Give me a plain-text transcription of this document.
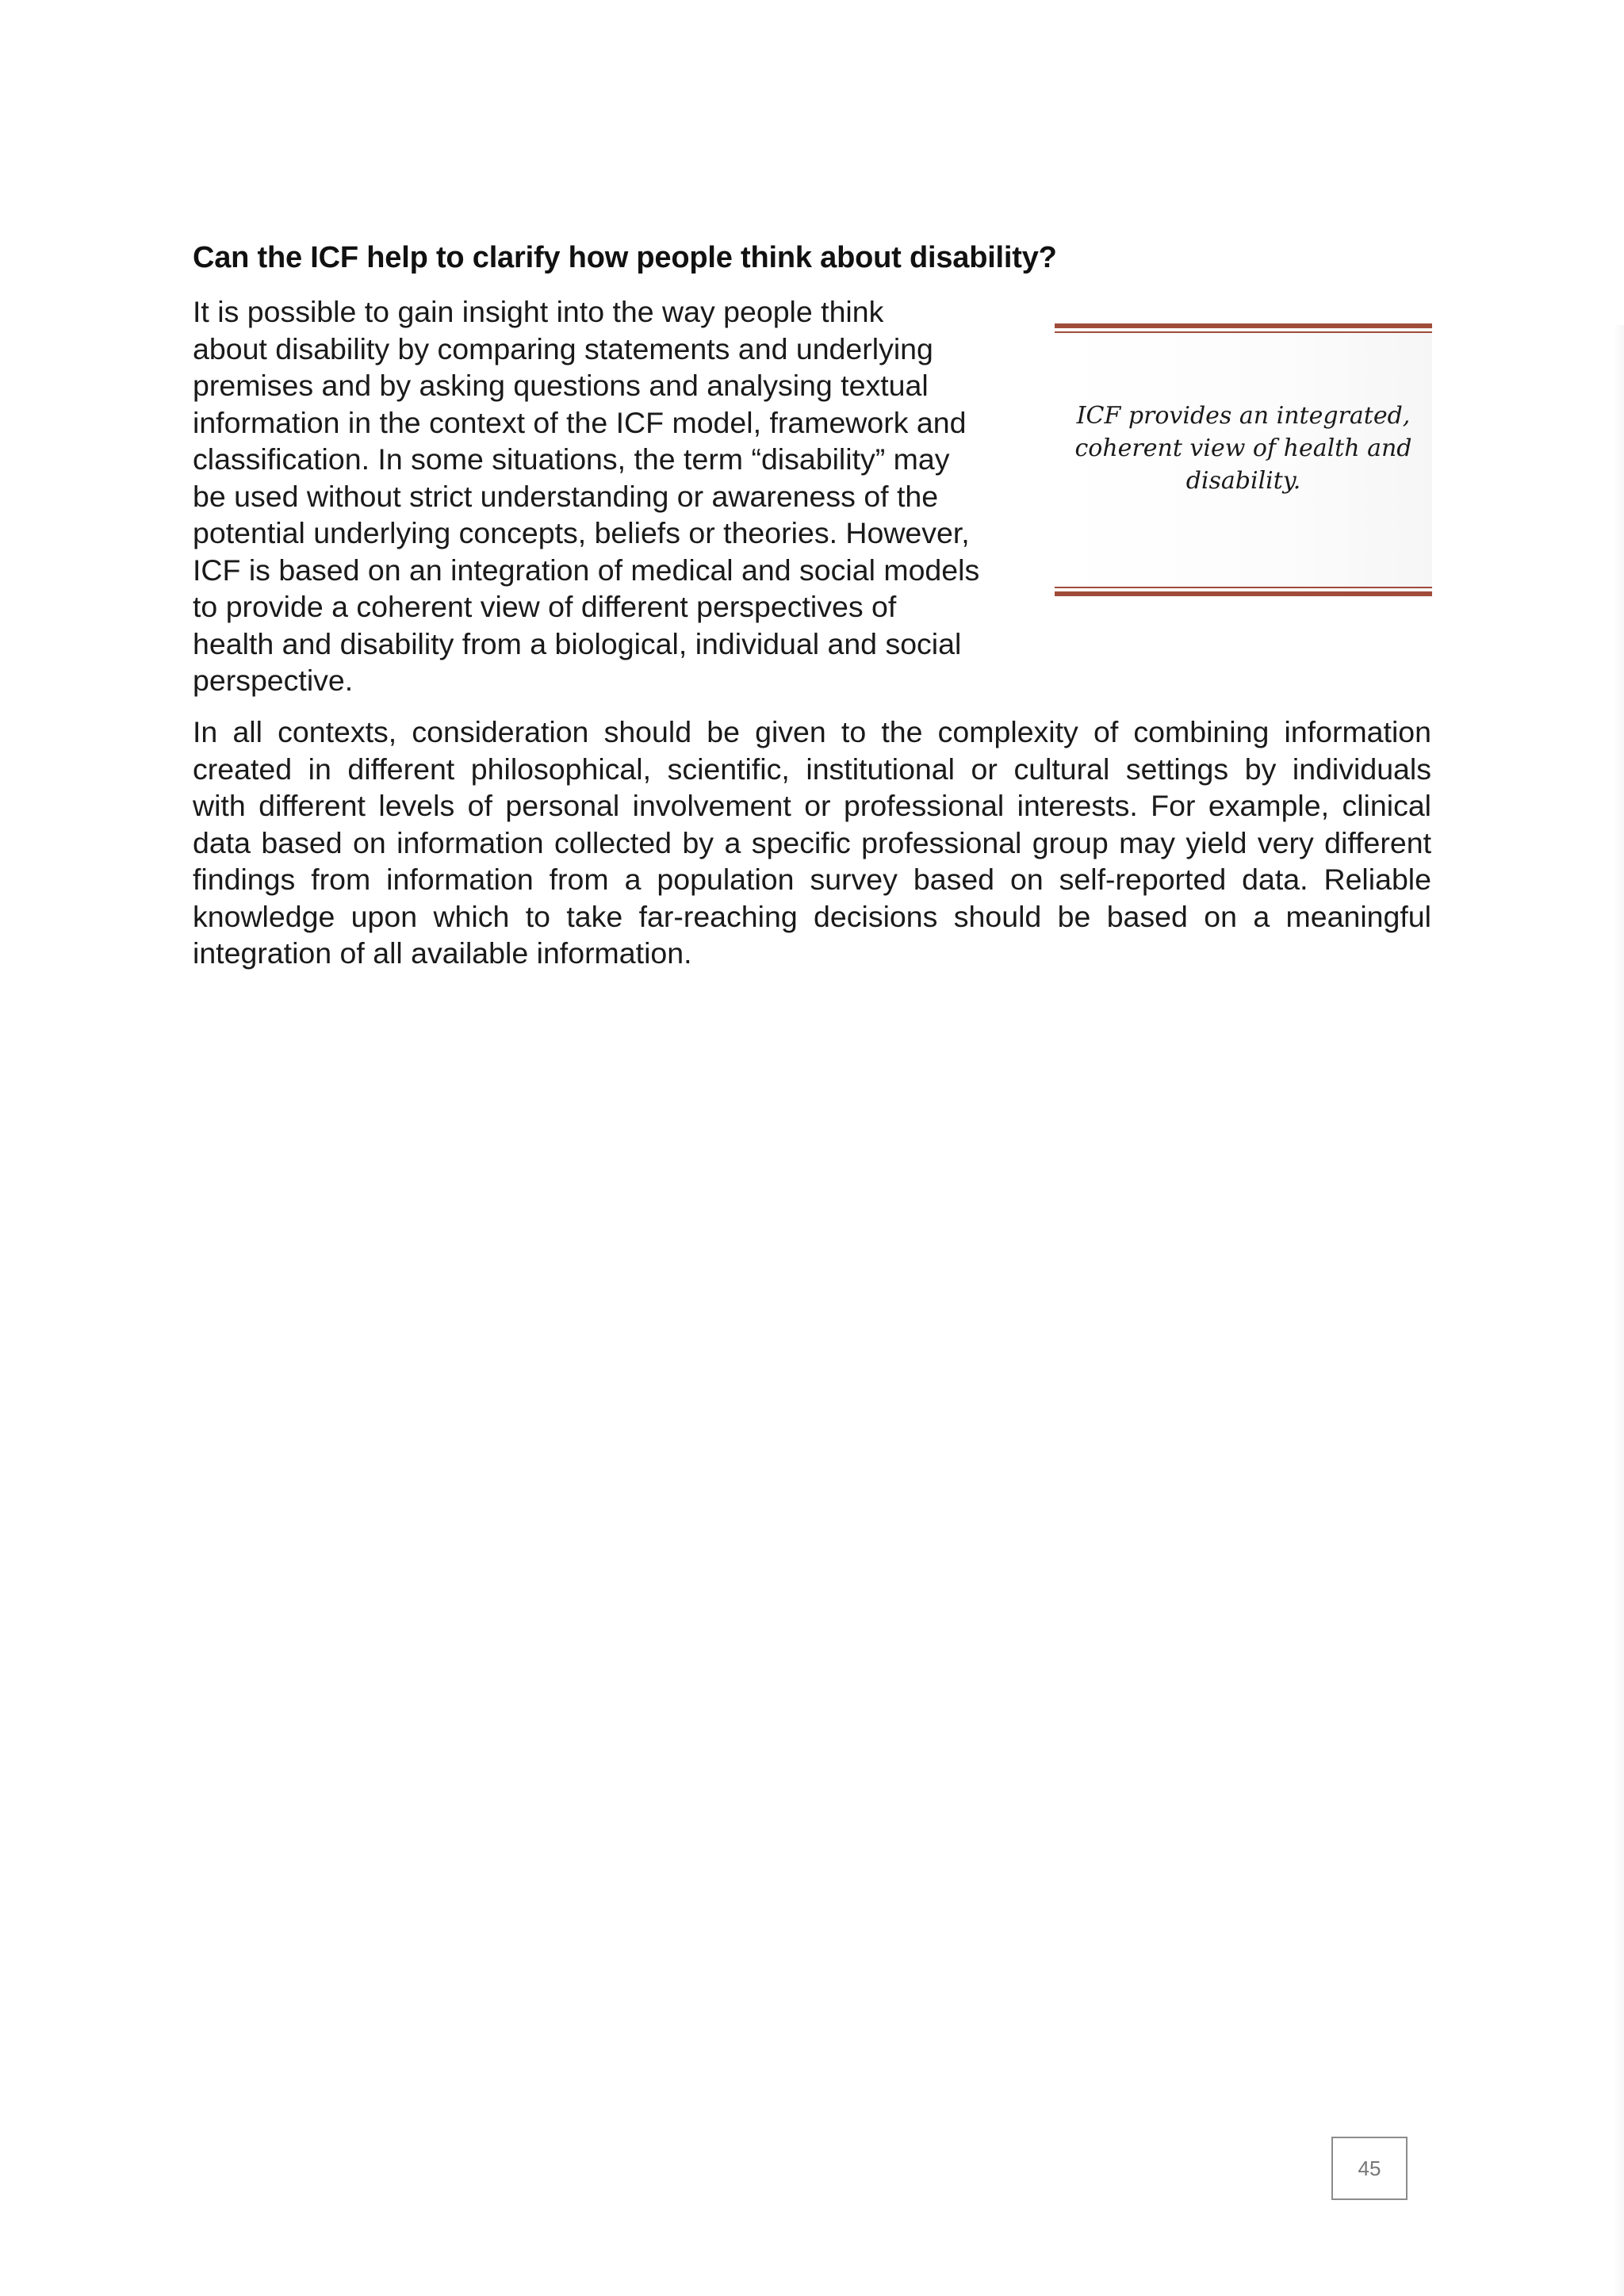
Can the ICF help to clarify how people think about disability?

It is possible to gain insight into the way people think
about disability by comparing statements and underlying
premises and by asking questions and analysing textual
information in the context of the ICF model, framework and
classification. In some situations, the term “disability” may
be used without strict understanding or awareness of the
potential underlying concepts, beliefs or theories. However,
ICF is based on an integration of medical and social models
to provide a coherent view of different perspectives of
health and disability from a biological, individual and social
perspective.

ICF provides an integrated, coherent view of health and disability.

In all contexts, consideration should be given to the complexity of combining information
created in different philosophical, scientific, institutional or cultural settings by individuals
with different levels of personal involvement or professional interests. For example, clinical
data based on information collected by a specific professional group may yield very different
findings from information from a population survey based on self-reported data. Reliable
knowledge upon which to take far-reaching decisions should be based on a meaningful
integration of all available information.

45
